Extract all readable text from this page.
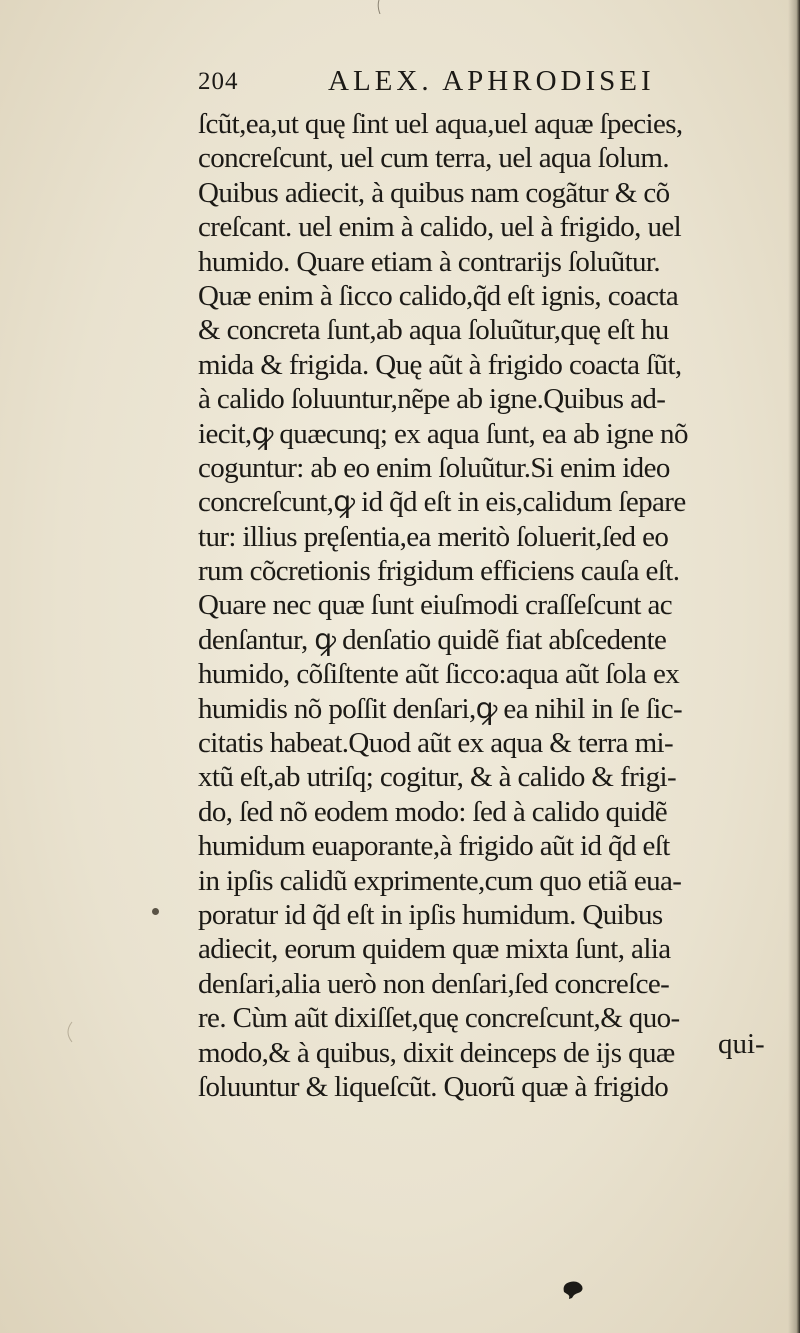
204	ALEX. APHRODISEI
ſcũt,ea,ut quę ſint uel aqua,uel aquæ ſpecies,
concreſcunt, uel cum terra, uel aqua ſolum.
Quibus adiecit, à quibus nam cogãtur & cõ
creſcant. uel enim à calido, uel à frigido, uel
humido. Quare etiam à contrarijs ſoluũtur.
Quæ enim à ſicco calido,q̃d eſt ignis, coacta
& concreta ſunt,ab aqua ſoluũtur,quę eſt hu
mida & frigida. Quę aũt à frigido coacta ſũt,
à calido ſoluuntur,nẽpe ab igne.Quibus ad-
iecit,ꝙ quæcunq; ex aqua ſunt, ea ab igne nõ
coguntur: ab eo enim ſoluũtur.Si enim ideo
concreſcunt,ꝙ id q̃d eſt in eis,calidum ſepare
tur: illius pręſentia,ea meritò ſoluerit,ſed eo
rum cõcretionis frigidum efficiens cauſa eſt.
Quare nec quæ ſunt eiuſmodi craſſeſcunt ac
denſantur, ꝙ denſatio quidẽ fiat abſcedente
humido, cõſiſtente aũt ſicco:aqua aũt ſola ex
humidis nõ poſſit denſari,ꝙ ea nihil in ſe ſic-
citatis habeat.Quod aũt ex aqua & terra mi-
xtũ eſt,ab utriſq; cogitur, & à calido & frigi-
do, ſed nõ eodem modo: ſed à calido quidẽ
humidum euaporante,à frigido aũt id q̃d eſt
in ipſis calidũ exprimente,cum quo etiã eua-
poratur id q̃d eſt in ipſis humidum. Quibus
adiecit, eorum quidem quæ mixta ſunt, alia
denſari,alia uerò non denſari,ſed concreſce-
re. Cùm aũt dixiſſet,quę concreſcunt,& quo-
modo,& à quibus, dixit deinceps de ijs quæ
ſoluuntur & liqueſcũt. Quorũ quæ à frigido
qui-
